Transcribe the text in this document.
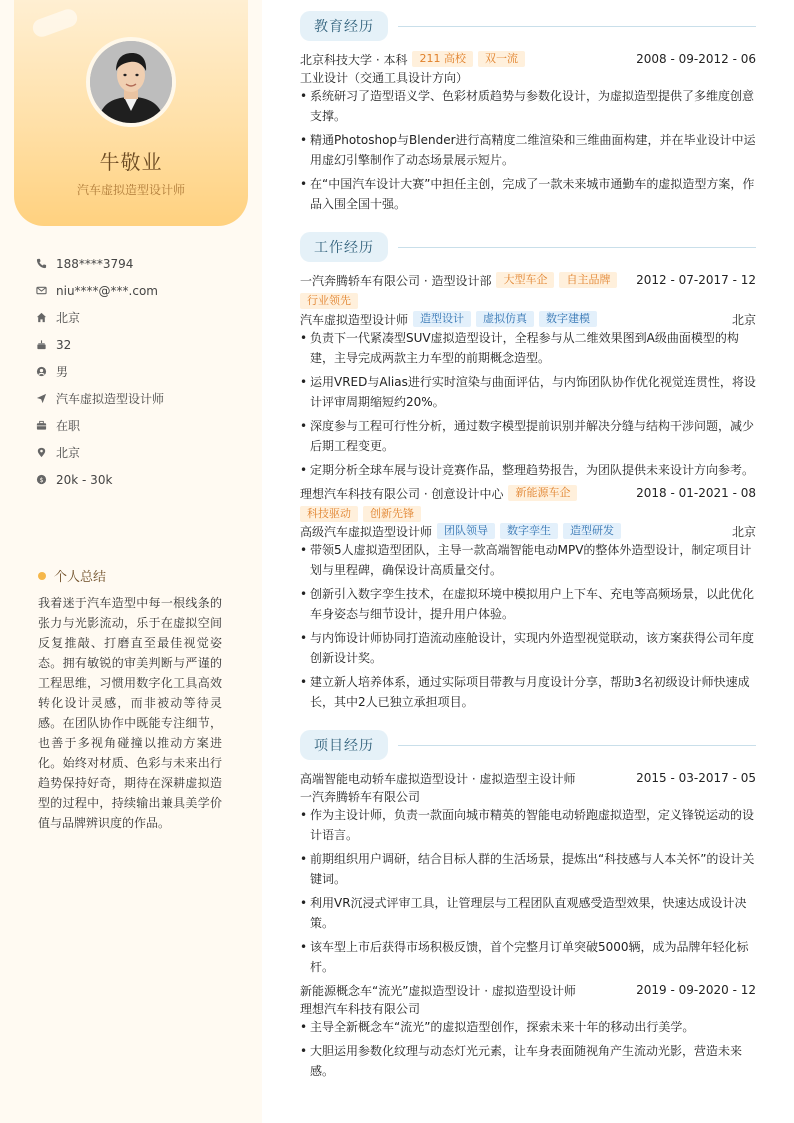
牛敬业
汽车虚拟造型设计师
188****3794
niu****@***.com
北京
32
男
汽车虚拟造型设计师
在职
北京
$ 20k - 30k
个人总结
我着迷于汽车造型中每一根线条的张力与光影流动，乐于在虚拟空间反复推敲、打磨直至最佳视觉姿态。拥有敏锐的审美判断与严谨的工程思维，习惯用数字化工具高效转化设计灵感，而非被动等待灵感。在团队协作中既能专注细节，也善于多视角碰撞以推动方案进化。始终对材质、色彩与未来出行趋势保持好奇，期待在深耕虚拟造型的过程中，持续输出兼具美学价值与品牌辨识度的作品。
教育经历
北京科技大学 · 本科	211 高校	双一流	2008 - 09-2012 - 06
工业设计（交通工具设计方向）
• 系统研习了造型语义学、色彩材质趋势与参数化设计，为虚拟造型提供了多维度创意支撑。
• 精通Photoshop与Blender进行高精度二维渲染和三维曲面构建，并在毕业设计中运用虚幻引擎制作了动态场景展示短片。
• 在“中国汽车设计大赛”中担任主创，完成了一款未来城市通勤车的虚拟造型方案，作品入围全国十强。
工作经历
一汽奔腾轿车有限公司 · 造型设计部	大型车企	自主品牌	2012 - 07-2017 - 12
行业领先
汽车虚拟造型设计师	造型设计	虚拟仿真	数字建模	北京
• 负责下一代紧凑型SUV虚拟造型设计，全程参与从二维效果图到A级曲面模型的构建，主导完成两款主力车型的前期概念造型。
• 运用VRED与Alias进行实时渲染与曲面评估，与内饰团队协作优化视觉连贯性，将设计评审周期缩短约20%。
• 深度参与工程可行性分析，通过数字模型提前识别并解决分缝与结构干涉问题，减少后期工程变更。
• 定期分析全球车展与设计竞赛作品，整理趋势报告，为团队提供未来设计方向参考。
理想汽车科技有限公司 · 创意设计中心	新能源车企	2018 - 01-2021 - 08
科技驱动	创新先锋
高级汽车虚拟造型设计师	团队领导	数字孪生	造型研发	北京
• 带领5人虚拟造型团队，主导一款高端智能电动MPV的整体外造型设计，制定项目计划与里程碑，确保设计高质量交付。
• 创新引入数字孪生技术，在虚拟环境中模拟用户上下车、充电等高频场景，以此优化车身姿态与细节设计，提升用户体验。
• 与内饰设计师协同打造流动座舱设计，实现内外造型视觉联动，该方案获得公司年度创新设计奖。
• 建立新人培养体系，通过实际项目带教与月度设计分享，帮助3名初级设计师快速成长，其中2人已独立承担项目。
项目经历
高端智能电动轿车虚拟造型设计 · 虚拟造型主设计师	2015 - 03-2017 - 05
一汽奔腾轿车有限公司
• 作为主设计师，负责一款面向城市精英的智能电动轿跑虚拟造型，定义锋锐运动的设计语言。
• 前期组织用户调研，结合目标人群的生活场景，提炼出“科技感与人本关怀”的设计关键词。
• 利用VR沉浸式评审工具，让管理层与工程团队直观感受造型效果，快速达成设计决策。
• 该车型上市后获得市场积极反馈，首个完整月订单突破5000辆，成为品牌年轻化标杆。
新能源概念车“流光”虚拟造型设计 · 虚拟造型设计师	2019 - 09-2020 - 12
理想汽车科技有限公司
• 主导全新概念车“流光”的虚拟造型创作，探索未来十年的移动出行美学。
• 大胆运用参数化纹理与动态灯光元素，让车身表面随视角产生流动光影，营造未来感。
